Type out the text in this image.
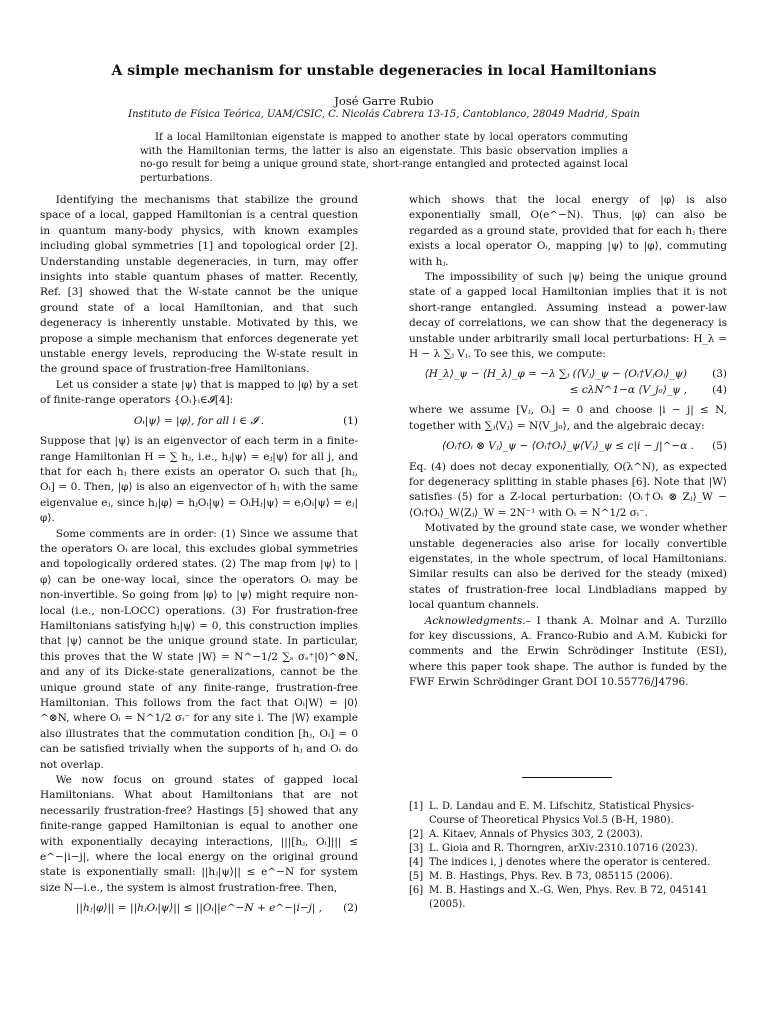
A simple mechanism for unstable degeneracies in local Hamiltonians
José Garre Rubio
Instituto de Física Teórica, UAM/CSIC, C. Nicolás Cabrera 13-15, Cantoblanco, 28049 Madrid, Spain

If a local Hamiltonian eigenstate is mapped to another state by local operators commuting with the Hamiltonian terms, the latter is also an eigenstate. This basic observation implies a no-go result for being a unique ground state, short-range entangled and protected against local perturbations.

Identifying the mechanisms that stabilize the ground space of a local, gapped Hamiltonian is a central question in quantum many-body physics, with known examples including global symmetries [1] and topological order [2]. Understanding unstable degeneracies, in turn, may offer insights into stable quantum phases of matter. Recently, Ref. [3] showed that the W-state cannot be the unique ground state of a local Hamiltonian, and that such degeneracy is inherently unstable. Motivated by this, we propose a simple mechanism that enforces degenerate yet unstable energy levels, reproducing the W-state result in the ground space of frustration-free Hamiltonians.

Let us consider a state |ψ⟩ that is mapped to |φ⟩ by a set of finite-range operators {Oᵢ}ᵢ∈𝓘[4]:

Oᵢ|ψ⟩ = |φ⟩, for all i ∈ 𝓘 .	(1)

Suppose that |ψ⟩ is an eigenvector of each term in a finite-range Hamiltonian H = ∑ hⱼ, i.e., hⱼ|ψ⟩ = eⱼ|ψ⟩ for all j, and that for each hⱼ there exists an operator Oᵢ such that [hⱼ, Oᵢ] = 0. Then, |φ⟩ is also an eigenvector of hⱼ with the same eigenvalue eⱼ, since hⱼ|φ⟩ = hⱼOᵢ|ψ⟩ = OᵢHⱼ|ψ⟩ = eⱼOᵢ|ψ⟩ = eⱼ|φ⟩.

Some comments are in order: (1) Since we assume that the operators Oᵢ are local, this excludes global symmetries and topologically ordered states. (2) The map from |ψ⟩ to |φ⟩ can be one-way local, since the operators Oᵢ may be non-invertible. So going from |φ⟩ to |ψ⟩ might require non-local (i.e., non-LOCC) operations. (3) For frustration-free Hamiltonians satisfying hⱼ|ψ⟩ = 0, this construction implies that |ψ⟩ cannot be the unique ground state. In particular, this proves that the W state |W⟩ = N^−1/2 ∑ₛ σₛ⁺|0⟩^⊗N, and any of its Dicke-state generalizations, cannot be the unique ground state of any finite-range, frustration-free Hamiltonian. This follows from the fact that Oᵢ|W⟩ = |0⟩^⊗N, where Oᵢ = N^1/2 σᵢ⁻ for any site i. The |W⟩ example also illustrates that the commutation condition [hⱼ, Oᵢ] = 0 can be satisfied trivially when the supports of hⱼ and Oᵢ do not overlap.

We now focus on ground states of gapped local Hamiltonians. What about Hamiltonians that are not necessarily frustration-free? Hastings [5] showed that any finite-range gapped Hamiltonian is equal to another one with exponentially decaying interactions, |||[hⱼ, Oᵢ]||| ≤ e^−|i−j|, where the local energy on the original ground state is exponentially small: ||hⱼ|ψ⟩|| ≤ e^−N for system size N—i.e., the system is almost frustration-free. Then,

||hⱼ|φ⟩|| = ||hⱼOᵢ|ψ⟩|| ≤ ||Oᵢ||e^−N + e^−|i−j| , (2)

which shows that the local energy of |φ⟩ is also exponentially small, O(e^−N). Thus, |φ⟩ can also be regarded as a ground state, provided that for each hⱼ there exists a local operator Oᵢ, mapping |ψ⟩ to |φ⟩, commuting with hⱼ.

The impossibility of such |ψ⟩ being the unique ground state of a gapped local Hamiltonian implies that it is not short-range entangled. Assuming instead a power-law decay of correlations, we can show that the degeneracy is unstable under arbitrarily small local perturbations: H_λ = H − λ ∑ⱼ Vⱼ. To see this, we compute:

⟨H_λ⟩_ψ − ⟨H_λ⟩_φ = −λ ∑ⱼ (⟨Vⱼ⟩_ψ − ⟨Oᵢ†VⱼOᵢ⟩_ψ) (3)
≤ cλN^1−α ⟨V_j₀⟩_ψ , (4)

where we assume [Vⱼ, Oᵢ] = 0 and choose |i − j| ≤ N, together with ∑ⱼ⟨Vⱼ⟩ = N⟨V_j₀⟩, and the algebraic decay:

⟨Oᵢ†Oᵢ ⊗ Vⱼ⟩_ψ − ⟨Oᵢ†Oᵢ⟩_ψ⟨Vⱼ⟩_ψ ≤ c|i − j|^−α . (5)

Eq. (4) does not decay exponentially, O(λ^N), as expected for degeneracy splitting in stable phases [6]. Note that |W⟩ satisfies (5) for a Z-local perturbation: ⟨Oᵢ†Oᵢ ⊗ Zⱼ⟩_W − ⟨Oᵢ†Oᵢ⟩_W⟨Zⱼ⟩_W = 2N⁻¹ with Oᵢ = N^1/2 σᵢ⁻.

Motivated by the ground state case, we wonder whether unstable degeneracies also arise for locally convertible eigenstates, in the whole spectrum, of local Hamiltonians. Similar results can also be derived for the steady (mixed) states of frustration-free local Lindbladians mapped by local quantum channels.

Acknowledgments.– I thank A. Molnar and A. Turzillo for key discussions, A. Franco-Rubio and A.M. Kubicki for comments and the Erwin Schrödinger Institute (ESI), where this paper took shape. The author is funded by the FWF Erwin Schrödinger Grant DOI 10.55776/J4796.

[1] L. D. Landau and E. M. Lifschitz, Statistical Physics-Course of Theoretical Physics Vol.5 (B-H, 1980).
[2] A. Kitaev, Annals of Physics 303, 2 (2003).
[3] L. Gioia and R. Thorngren, arXiv:2310.10716 (2023).
[4] The indices i, j denotes where the operator is centered.
[5] M. B. Hastings, Phys. Rev. B 73, 085115 (2006).
[6] M. B. Hastings and X.-G. Wen, Phys. Rev. B 72, 045141 (2005).
